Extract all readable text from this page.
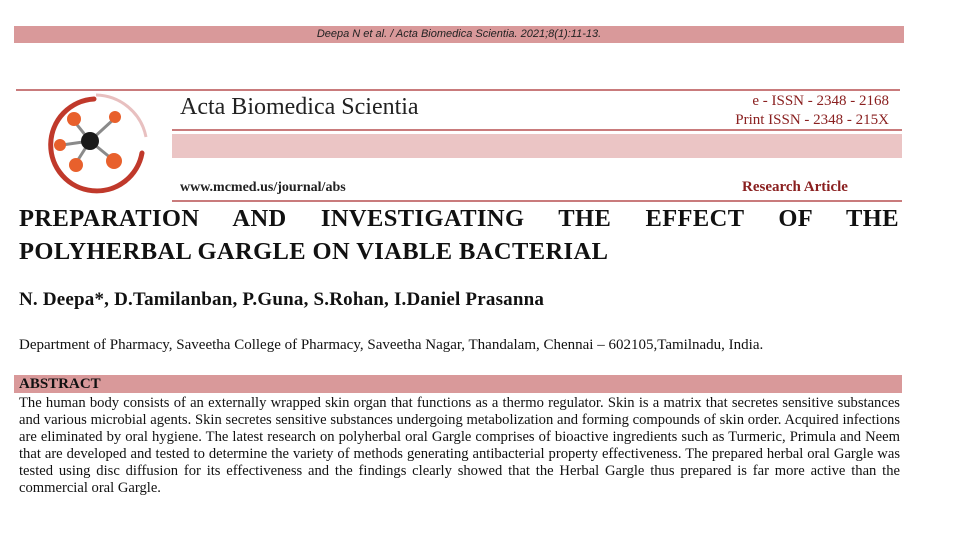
Deepa N et al. / Acta Biomedica Scientia. 2021;8(1):11-13.
Acta Biomedica Scientia	e - ISSN - 2348 - 2168
Print ISSN - 2348 - 215X
www.mcmed.us/journal/abs	Research Article
PREPARATION AND INVESTIGATING THE EFFECT OF THE POLYHERBAL GARGLE ON VIABLE BACTERIAL
N. Deepa*, D.Tamilanban, P.Guna, S.Rohan, I.Daniel Prasanna
Department of Pharmacy, Saveetha College of Pharmacy, Saveetha Nagar, Thandalam, Chennai – 602105,Tamilnadu, India.
ABSTRACT
The human body consists of an externally wrapped skin organ that functions as a thermo regulator. Skin is a matrix that secretes sensitive substances and various microbial agents. Skin secretes sensitive substances undergoing metabolization and forming compounds of skin order. Acquired infections are eliminated by oral hygiene. The latest research on polyherbal oral Gargle comprises of bioactive ingredients such as Turmeric, Primula and Neem that are developed and tested to determine the variety of methods generating antibacterial property effectiveness. The prepared herbal oral Gargle was tested using disc diffusion for its effectiveness and the findings clearly showed that the Herbal Gargle thus prepared is far more active than the commercial oral Gargle.
